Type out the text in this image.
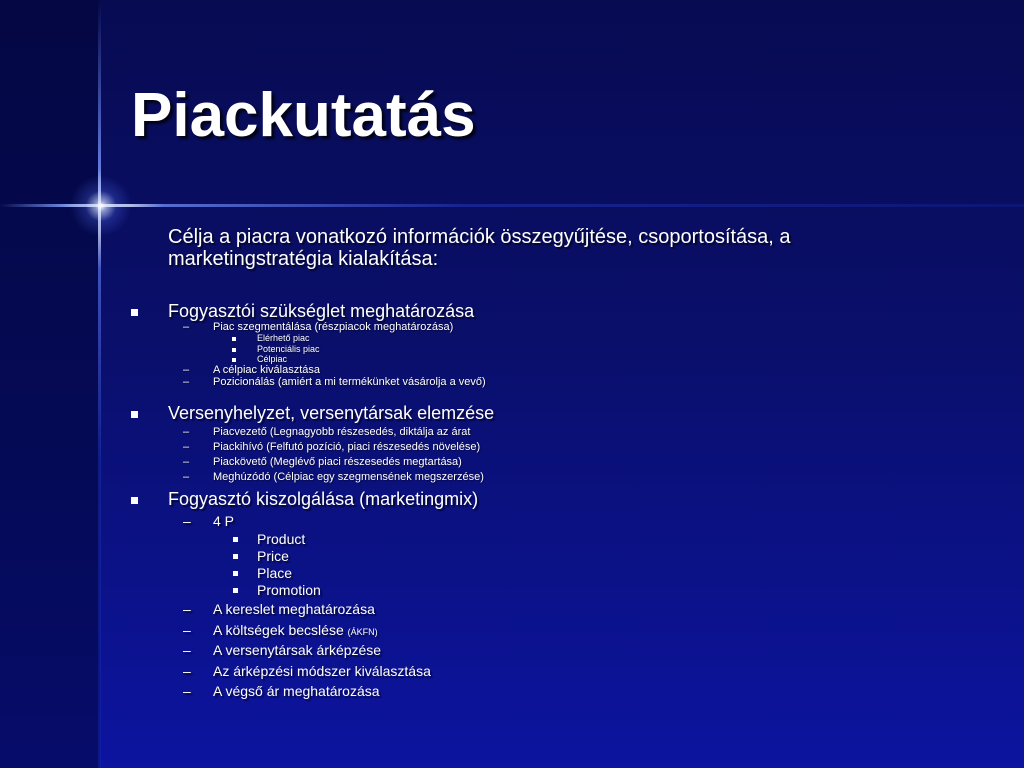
Piackutatás
Célja a piacra vonatkozó információk összegyűjtése, csoportosítása, a marketingstratégia kialakítása:
Fogyasztói szükséglet meghatározása
– Piac szegmentálása (részpiacok meghatározása)
Elérhető piac
Potenciális piac
Célpiac
– A célpiac kiválasztása
– Pozicionálás (amiért a mi termékünket vásárolja a vevő)
Versenyhelyzet, versenytársak elemzése
– Piacvezető (Legnagyobb részesedés, diktálja az árat
– Piackihívó (Felfutó pozíció, piaci részesedés növelése)
– Piackövető (Meglévő piaci részesedés megtartása)
– Meghúzódó (Célpiac egy szegmensének megszerzése)
Fogyasztó kiszolgálása (marketingmix)
– 4 P
Product
Price
Place
Promotion
– A kereslet meghatározása
– A költségek becslése (ÁKFN)
– A versenytársak árképzése
– Az árképzési módszer kiválasztása
– A végső ár meghatározása
